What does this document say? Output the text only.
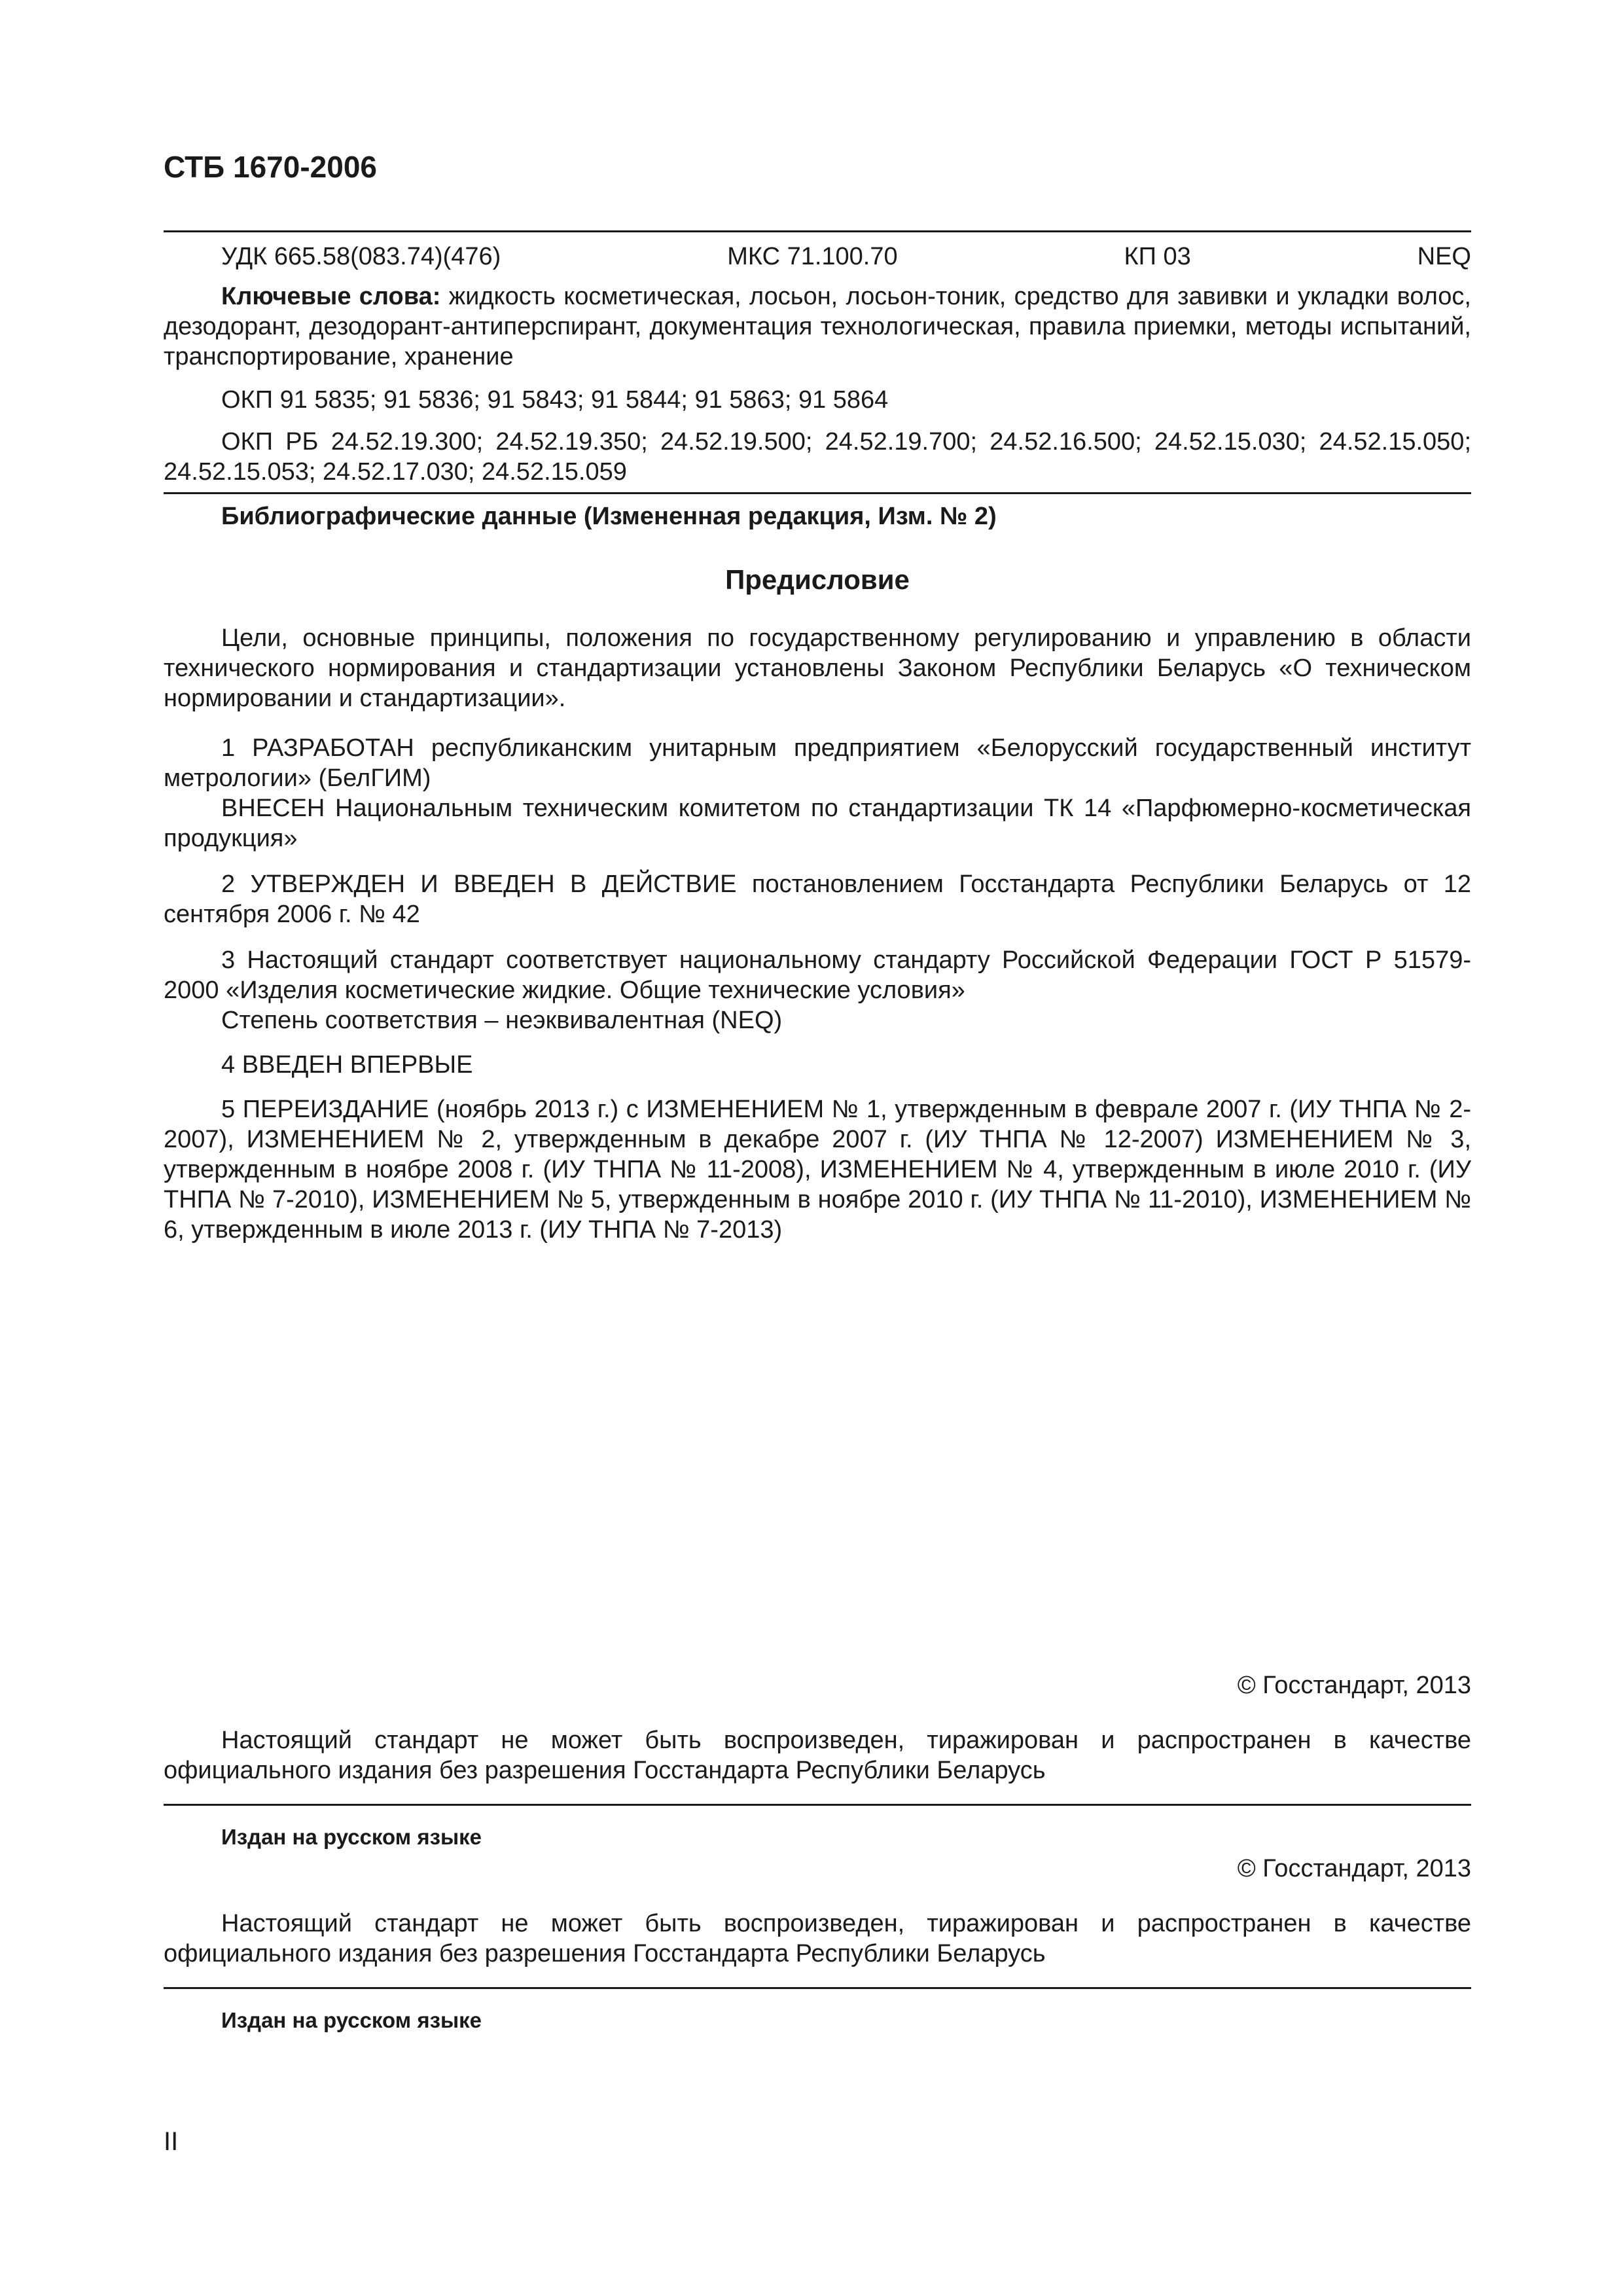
СТБ 1670-2006
УДК 665.58(083.74)(476)	МКС 71.100.70	КП 03	NEQ
Ключевые слова: жидкость косметическая, лосьон, лосьон-тоник, средство для завивки и укладки волос, дезодорант, дезодорант-антиперспирант, документация технологическая, правила приемки, методы испытаний, транспортирование, хранение
ОКП 91 5835; 91 5836; 91 5843; 91 5844; 91 5863; 91 5864
ОКП РБ 24.52.19.300; 24.52.19.350; 24.52.19.500; 24.52.19.700; 24.52.16.500; 24.52.15.030; 24.52.15.050; 24.52.15.053; 24.52.17.030; 24.52.15.059
Библиографические данные (Измененная редакция, Изм. № 2)
Предисловие
Цели, основные принципы, положения по государственному регулированию и управлению в области технического нормирования и стандартизации установлены Законом Республики Беларусь «О техническом нормировании и стандартизации».
1 РАЗРАБОТАН республиканским унитарным предприятием «Белорусский государственный институт метрологии» (БелГИМ)
ВНЕСЕН Национальным техническим комитетом по стандартизации ТК 14 «Парфюмерно-косметическая продукция»
2 УТВЕРЖДЕН И ВВЕДЕН В ДЕЙСТВИЕ постановлением Госстандарта Республики Беларусь от 12 сентября 2006 г. № 42
3 Настоящий стандарт соответствует национальному стандарту Российской Федерации ГОСТ Р 51579-2000 «Изделия косметические жидкие. Общие технические условия»
Степень соответствия – неэквивалентная (NEQ)
4 ВВЕДЕН ВПЕРВЫЕ
5 ПЕРЕИЗДАНИЕ (ноябрь 2013 г.) с ИЗМЕНЕНИЕМ № 1, утвержденным в феврале 2007 г. (ИУ ТНПА № 2-2007), ИЗМЕНЕНИЕМ № 2, утвержденным в декабре 2007 г. (ИУ ТНПА № 12-2007) ИЗМЕНЕНИЕМ № 3, утвержденным в ноябре 2008 г. (ИУ ТНПА № 11-2008), ИЗМЕНЕНИЕМ № 4, утвержденным в июле 2010 г. (ИУ ТНПА № 7-2010), ИЗМЕНЕНИЕМ № 5, утвержденным в ноябре 2010 г. (ИУ ТНПА № 11-2010), ИЗМЕНЕНИЕМ № 6, утвержденным в июле 2013 г. (ИУ ТНПА № 7-2013)
© Госстандарт, 2013
Настоящий стандарт не может быть воспроизведен, тиражирован и распространен в качестве официального издания без разрешения Госстандарта Республики Беларусь
Издан на русском языке
© Госстандарт, 2013
Настоящий стандарт не может быть воспроизведен, тиражирован и распространен в качестве официального издания без разрешения Госстандарта Республики Беларусь
Издан на русском языке
II
